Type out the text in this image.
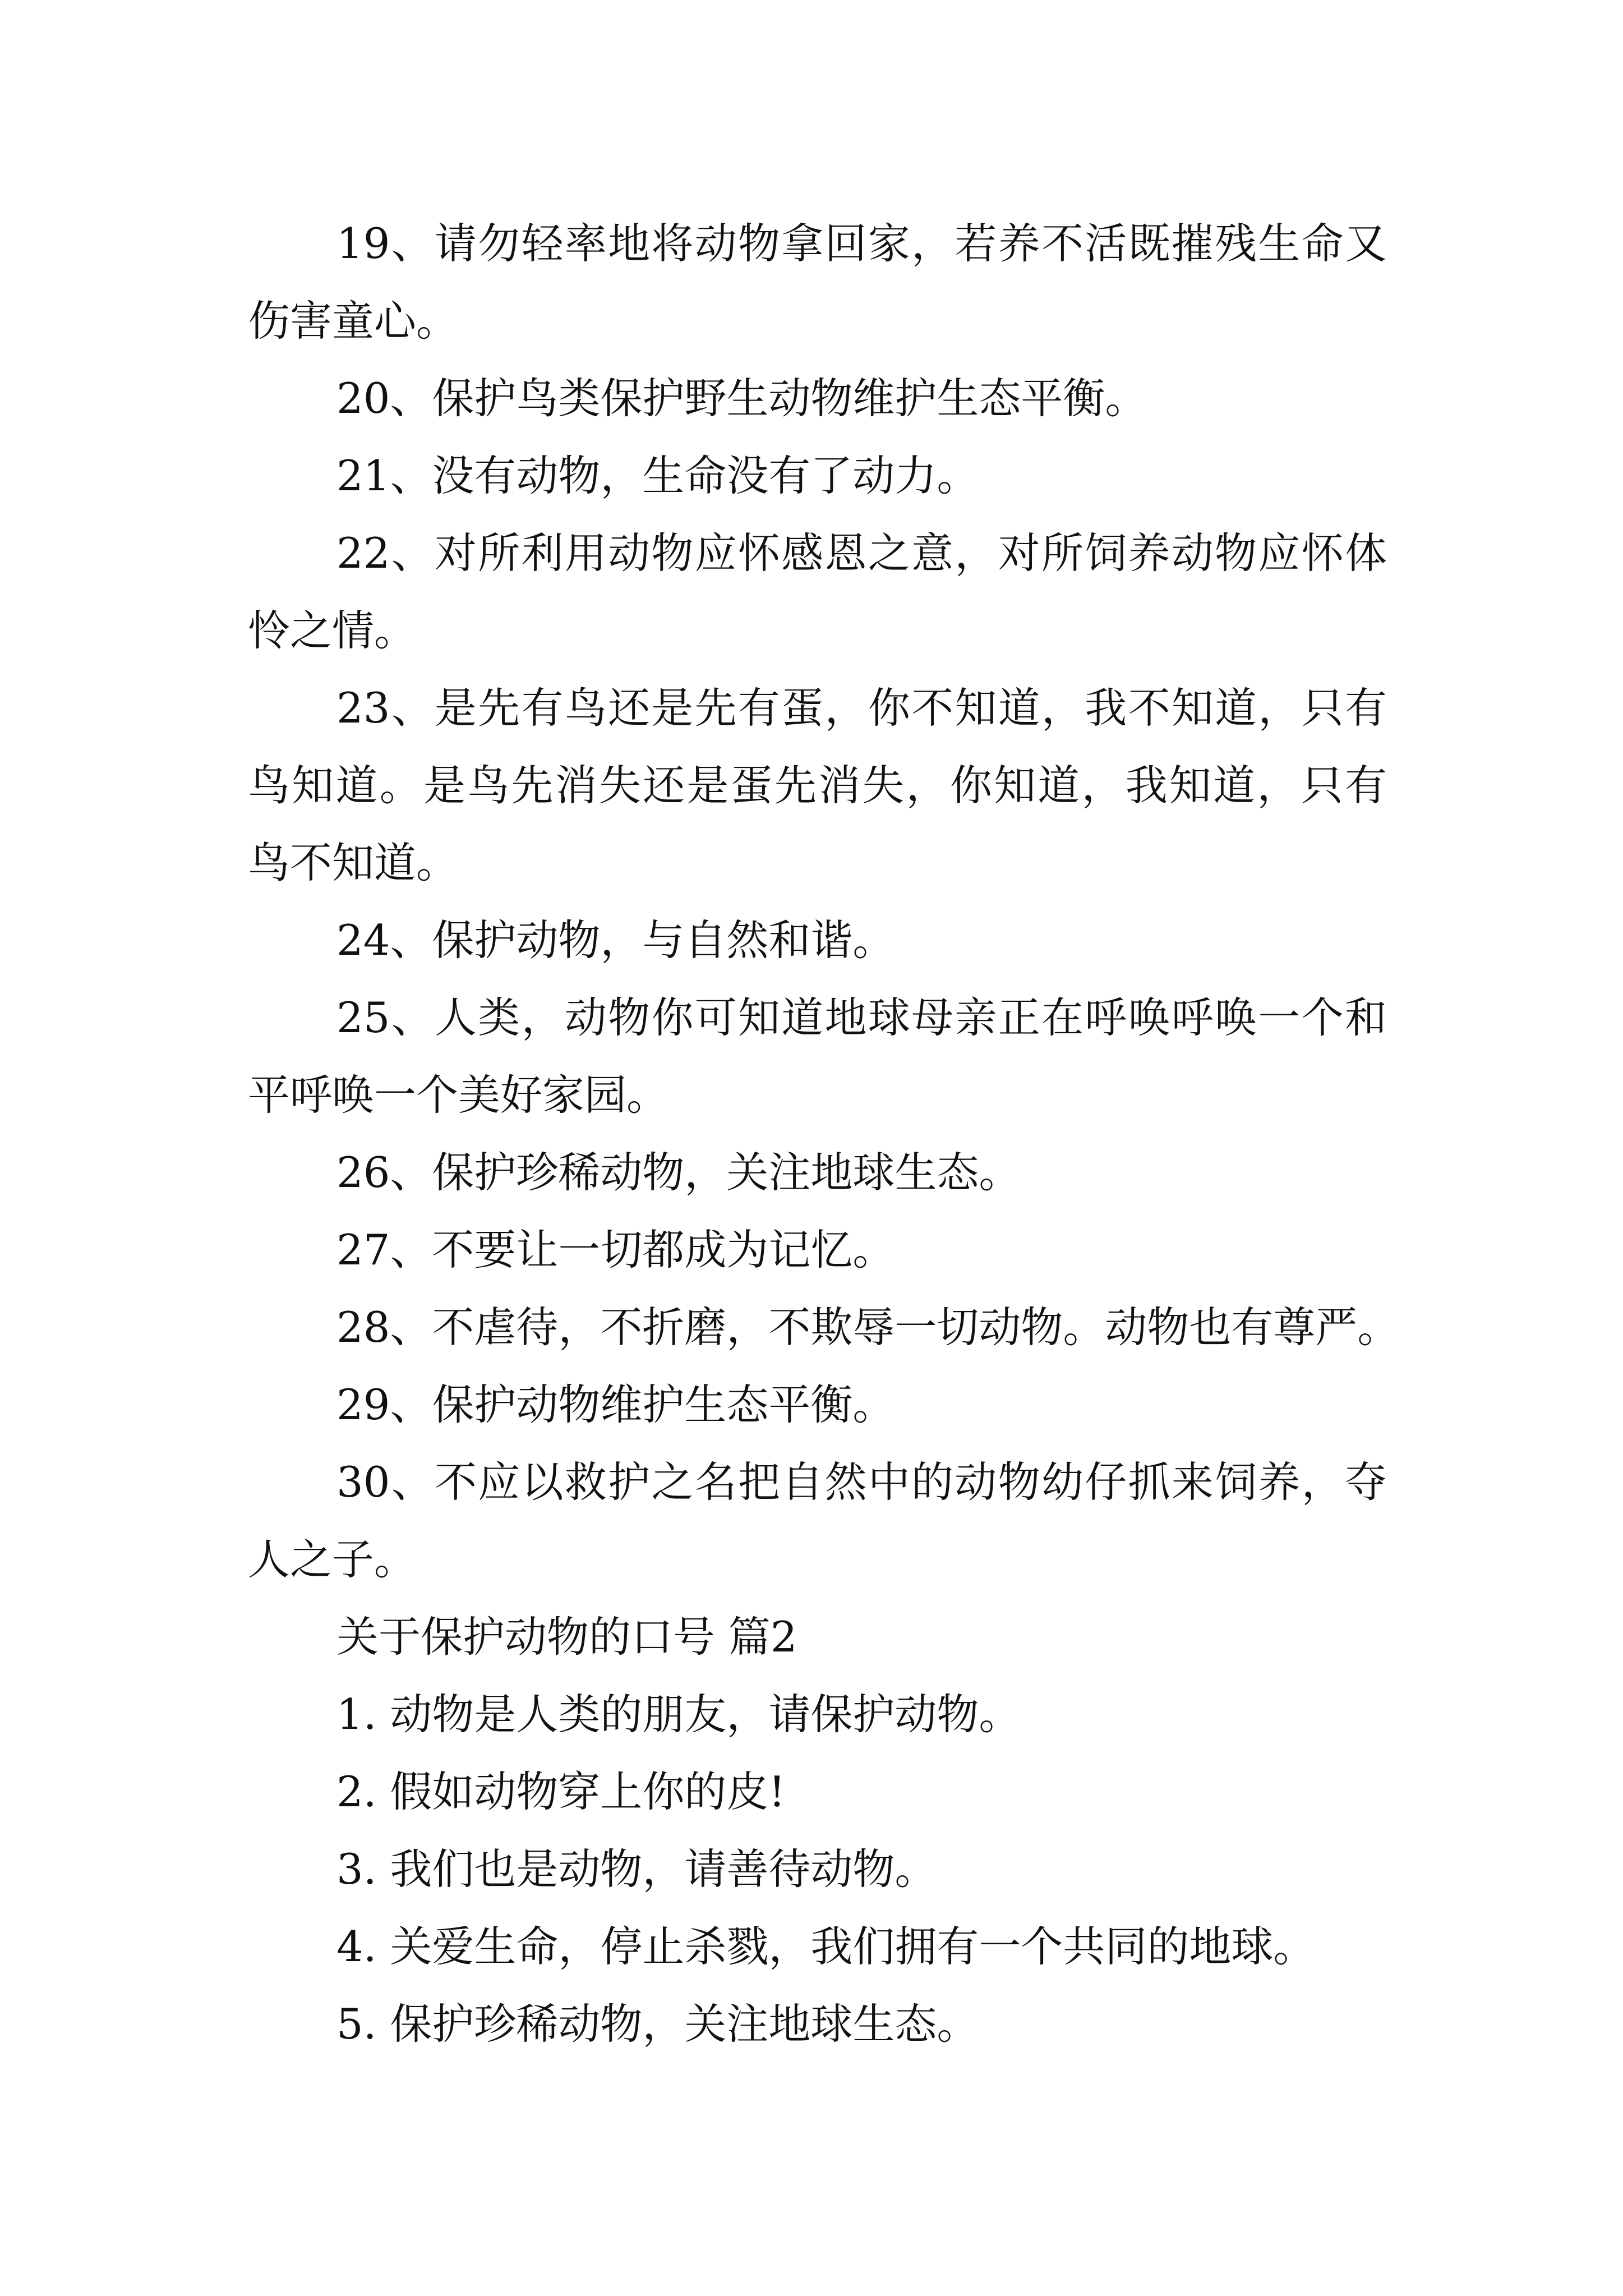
19、请勿轻率地将动物拿回家，若养不活既摧残生命又
伤害童心。
20、保护鸟类保护野生动物维护生态平衡。
21、没有动物，生命没有了动力。
22、对所利用动物应怀感恩之意，对所饲养动物应怀体
怜之情。
23、是先有鸟还是先有蛋，你不知道，我不知道，只有
鸟知道。是鸟先消失还是蛋先消失，你知道，我知道，只有
鸟不知道。
24、保护动物，与自然和谐。
25、人类，动物你可知道地球母亲正在呼唤呼唤一个和
平呼唤一个美好家园。
26、保护珍稀动物，关注地球生态。
27、不要让一切都成为记忆。
28、不虐待，不折磨，不欺辱一切动物。动物也有尊严。
29、保护动物维护生态平衡。
30、不应以救护之名把自然中的动物幼仔抓来饲养，夺
人之子。
关于保护动物的口号 篇2
1. 动物是人类的朋友，请保护动物。
2. 假如动物穿上你的皮!
3. 我们也是动物，请善待动物。
4. 关爱生命，停止杀戮，我们拥有一个共同的地球。
5. 保护珍稀动物，关注地球生态。
